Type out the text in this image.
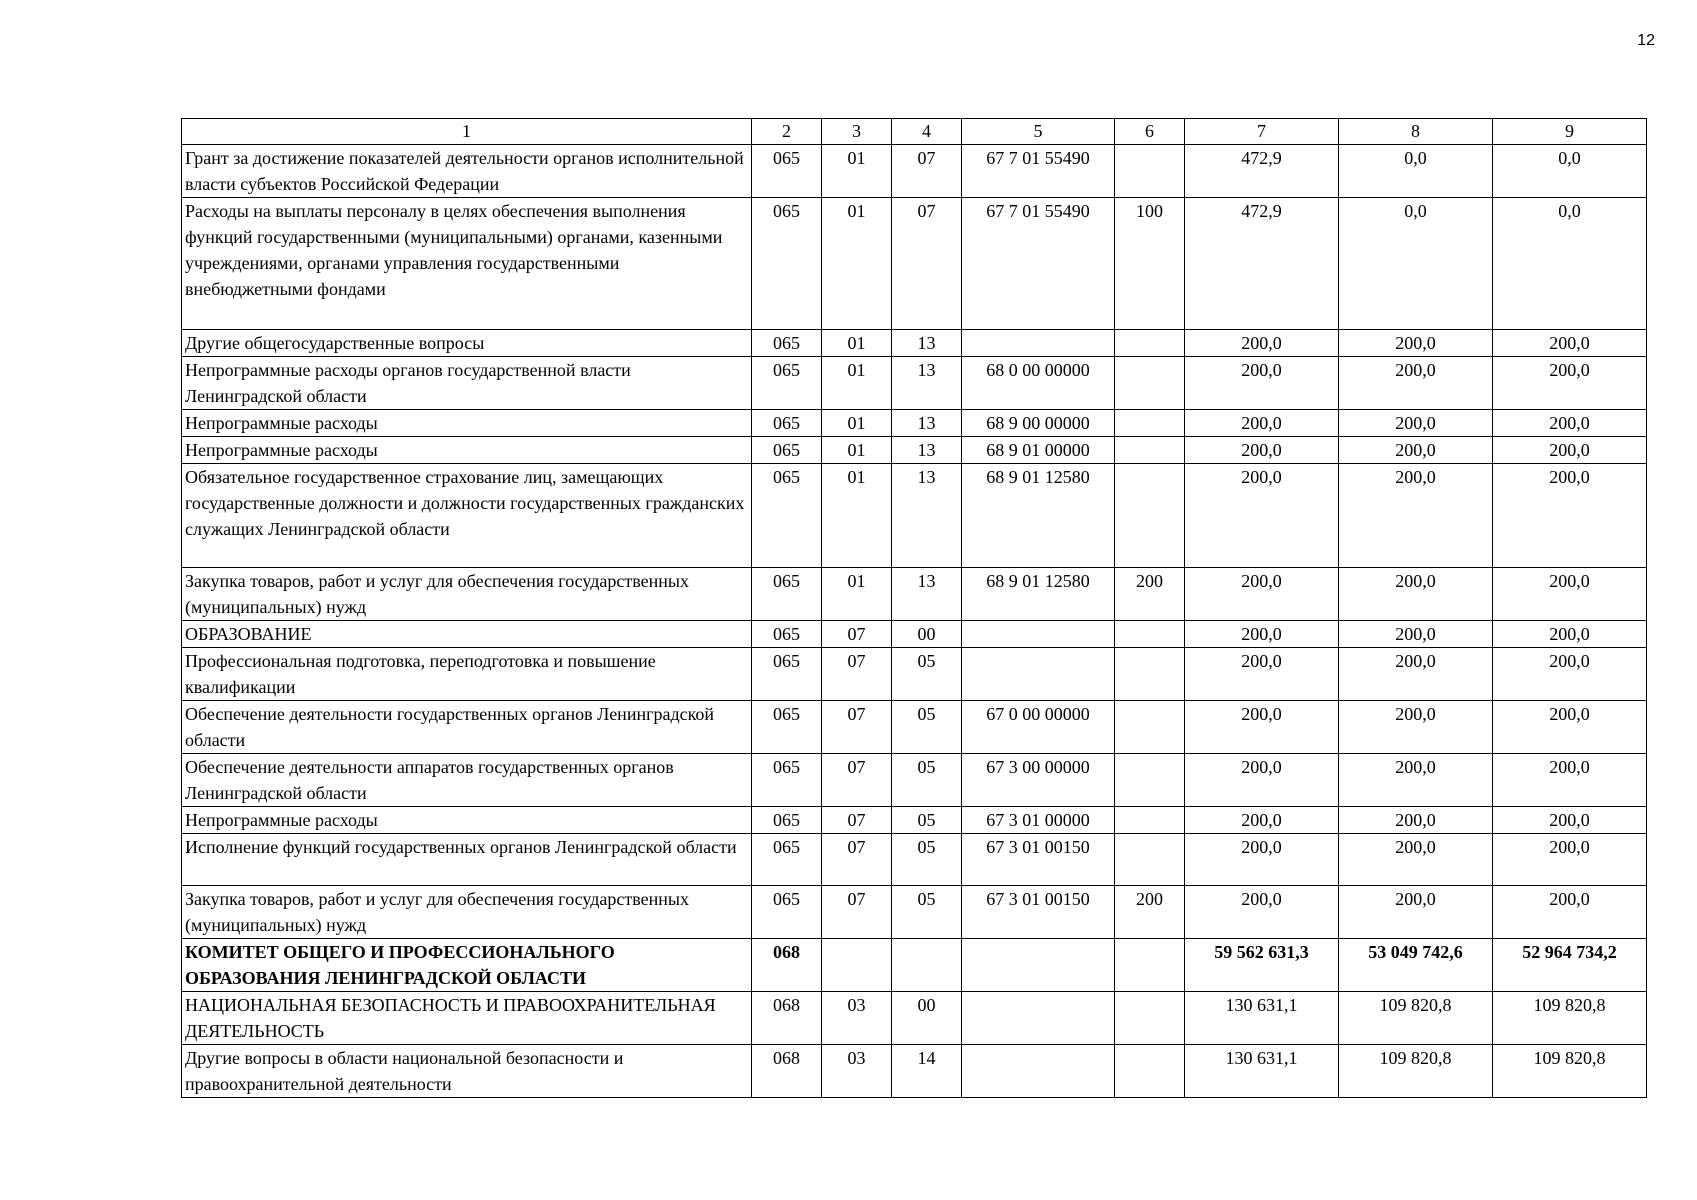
12
1	2	3	4	5	6	7	8	9
Грант за достижение показателей деятельности органов исполнительной власти субъектов Российской Федерации	065	01	07	67 7 01 55490		472,9	0,0	0,0
Расходы на выплаты персоналу в целях обеспечения выполнения функций государственными (муниципальными) органами, казенными учреждениями, органами управления государственными внебюджетными фондами	065	01	07	67 7 01 55490	100	472,9	0,0	0,0
Другие общегосударственные вопросы	065	01	13			200,0	200,0	200,0
Непрограммные расходы органов государственной власти Ленинградской области	065	01	13	68 0 00 00000		200,0	200,0	200,0
Непрограммные расходы	065	01	13	68 9 00 00000		200,0	200,0	200,0
Непрограммные расходы	065	01	13	68 9 01 00000		200,0	200,0	200,0
Обязательное государственное страхование лиц, замещающих государственные должности и должности государственных гражданских служащих Ленинградской области	065	01	13	68 9 01 12580		200,0	200,0	200,0
Закупка товаров, работ и услуг для обеспечения государственных (муниципальных) нужд	065	01	13	68 9 01 12580	200	200,0	200,0	200,0
ОБРАЗОВАНИЕ	065	07	00			200,0	200,0	200,0
Профессиональная подготовка, переподготовка и повышение квалификации	065	07	05			200,0	200,0	200,0
Обеспечение деятельности государственных органов Ленинградской области	065	07	05	67 0 00 00000		200,0	200,0	200,0
Обеспечение деятельности аппаратов государственных органов Ленинградской области	065	07	05	67 3 00 00000		200,0	200,0	200,0
Непрограммные расходы	065	07	05	67 3 01 00000		200,0	200,0	200,0
Исполнение функций государственных органов Ленинградской области	065	07	05	67 3 01 00150		200,0	200,0	200,0
Закупка товаров, работ и услуг для обеспечения государственных (муниципальных) нужд	065	07	05	67 3 01 00150	200	200,0	200,0	200,0
КОМИТЕТ ОБЩЕГО И ПРОФЕССИОНАЛЬНОГО ОБРАЗОВАНИЯ ЛЕНИНГРАДСКОЙ ОБЛАСТИ	068					59 562 631,3	53 049 742,6	52 964 734,2
НАЦИОНАЛЬНАЯ БЕЗОПАСНОСТЬ И ПРАВООХРАНИТЕЛЬНАЯ ДЕЯТЕЛЬНОСТЬ	068	03	00			130 631,1	109 820,8	109 820,8
Другие вопросы в области национальной безопасности и правоохранительной деятельности	068	03	14			130 631,1	109 820,8	109 820,8
